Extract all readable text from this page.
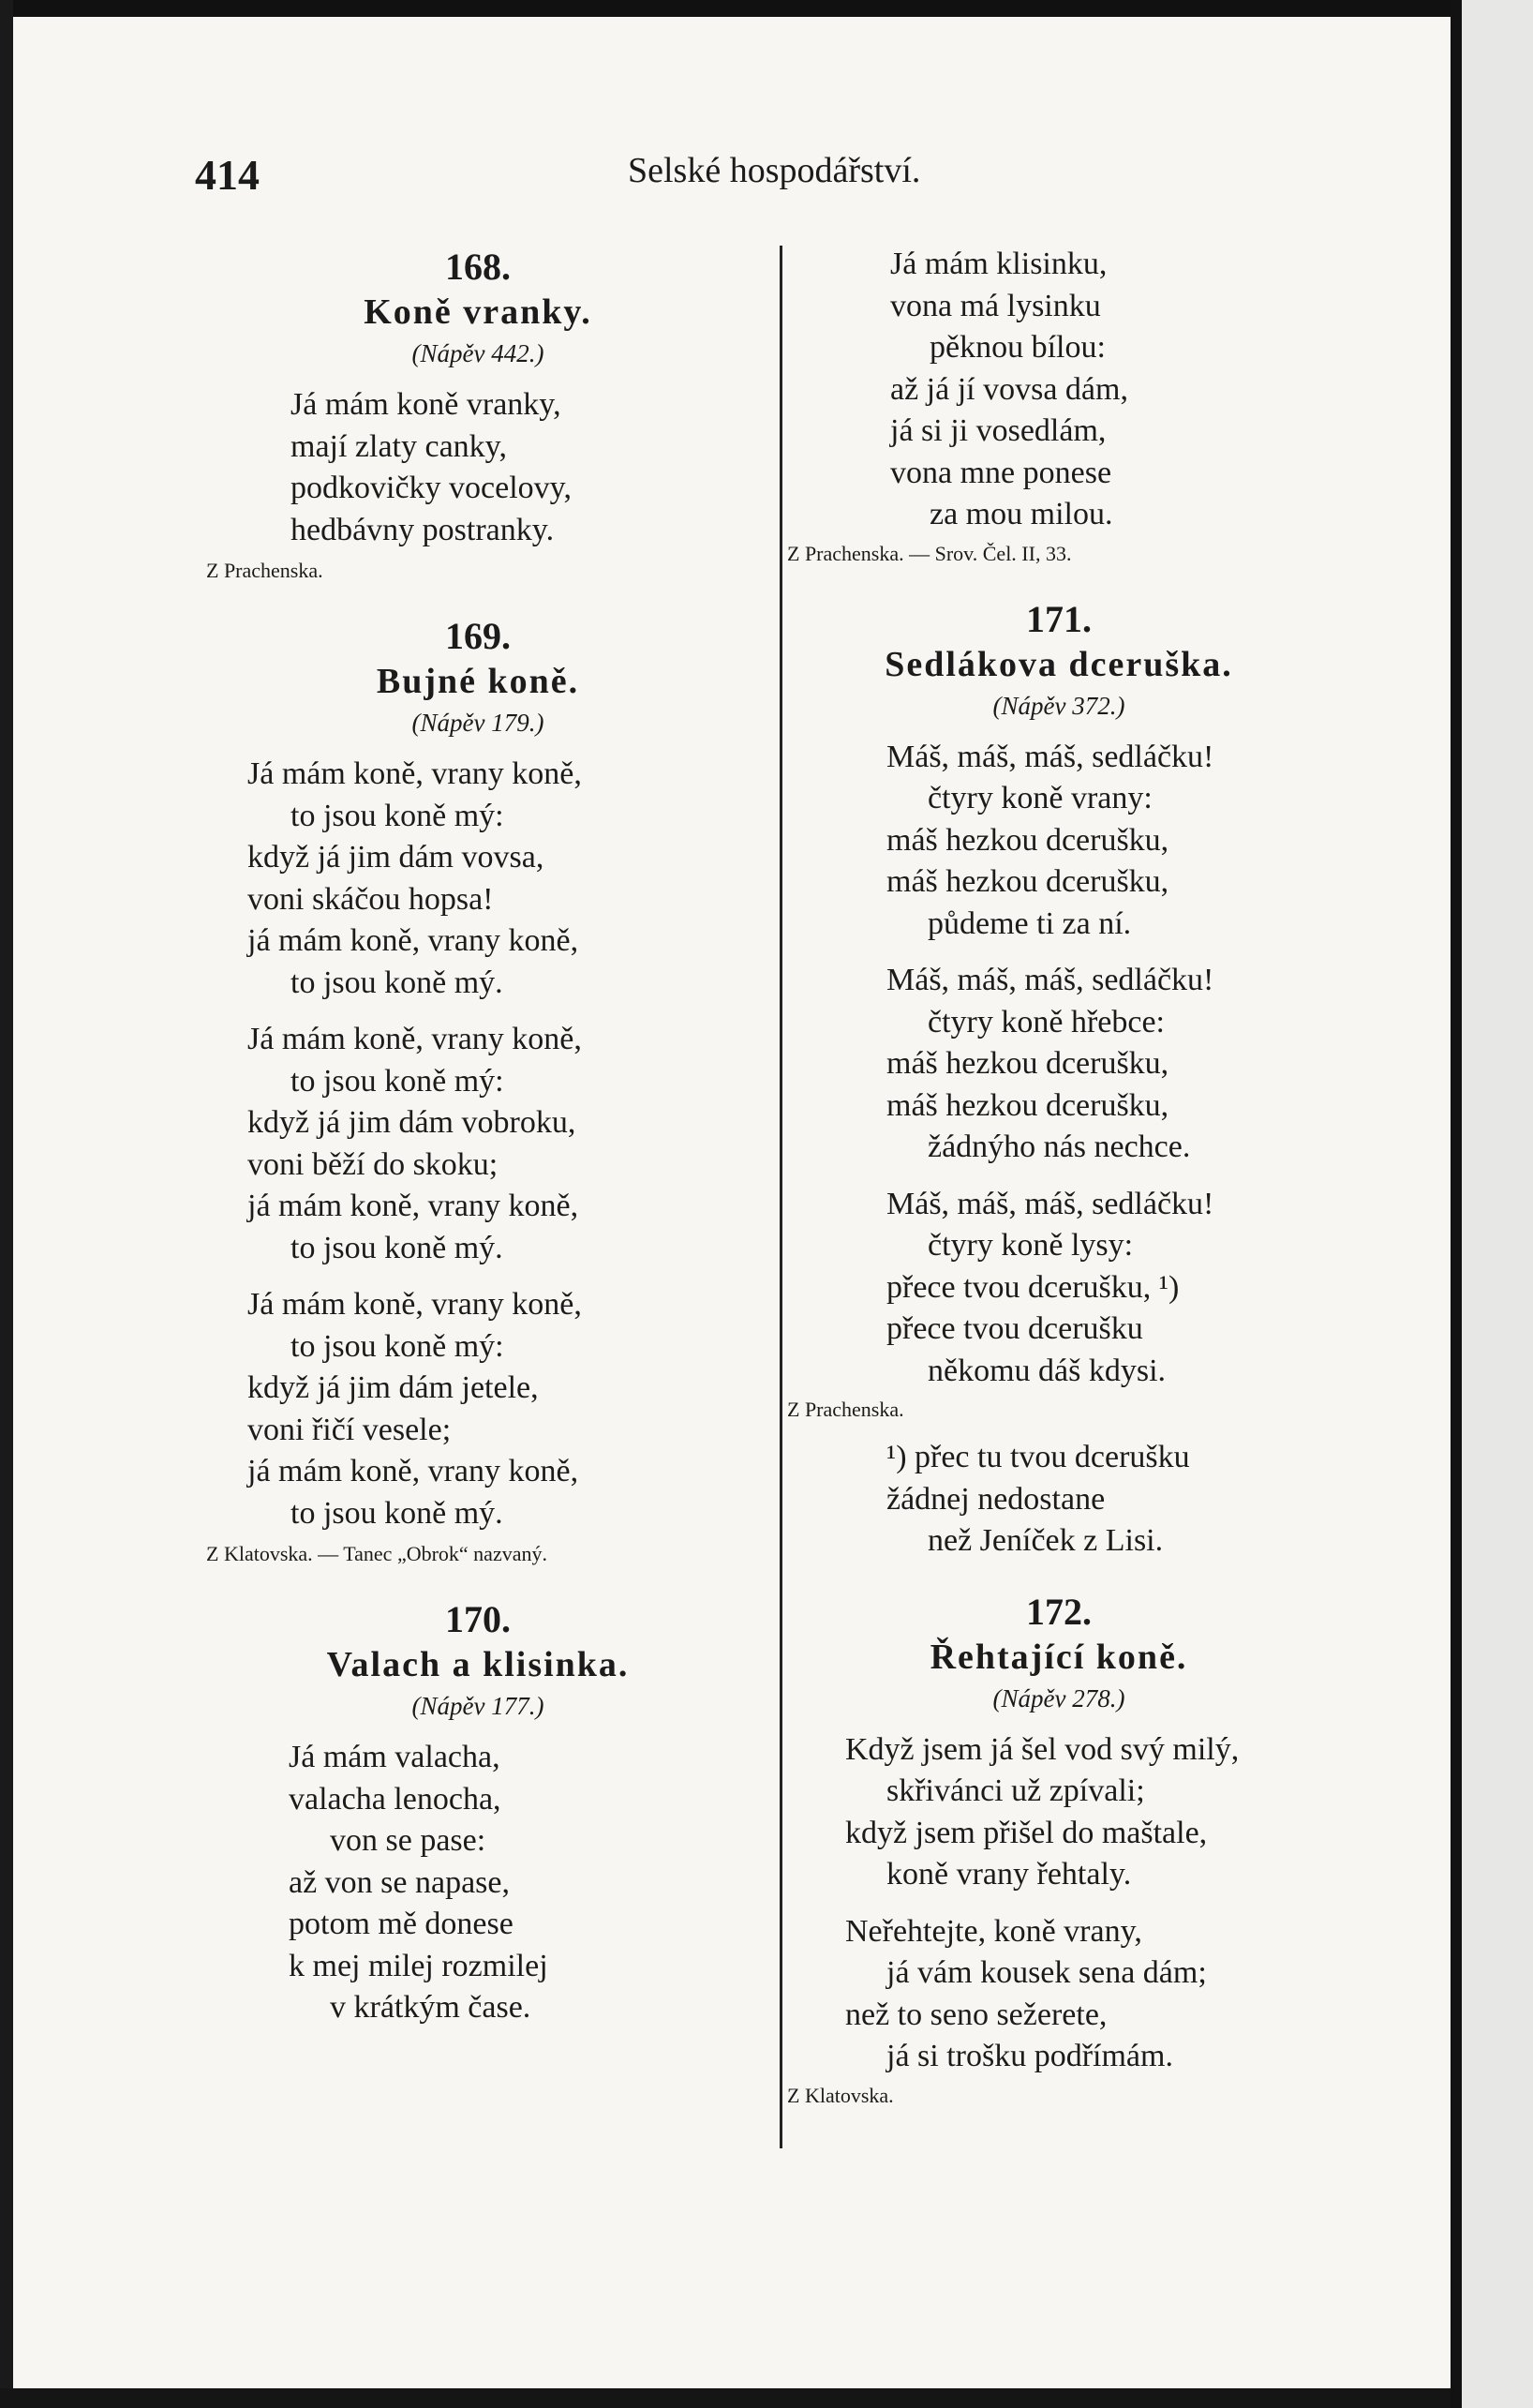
414	Selské hospodářství.
168.
Koně vranky.
(Nápěv 442.)
Já mám koně vranky,
mají zlaty canky,
podkovičky vocelovy,
hedbávny postranky.
Z Prachenska.
169.
Bujné koně.
(Nápěv 179.)
Já mám koně, vrany koně,
to jsou koně mý:
když já jim dám vovsa,
voni skáčou hopsa!
já mám koně, vrany koně,
to jsou koně mý.
Já mám koně, vrany koně,
to jsou koně mý:
když já jim dám vobroku,
voni běží do skoku;
já mám koně, vrany koně,
to jsou koně mý.
Já mám koně, vrany koně,
to jsou koně mý:
když já jim dám jetele,
voni řičí vesele;
já mám koně, vrany koně,
to jsou koně mý.
Z Klatovska. — Tanec „Obrok“ nazvaný.
170.
Valach a klisinka.
(Nápěv 177.)
Já mám valacha,
valacha lenocha,
von se pase:
až von se napase,
potom mě donese
k mej milej rozmilej
v krátkým čase.
Já mám klisinku,
vona má lysinku
pěknou bílou:
až já jí vovsa dám,
já si ji vosedlám,
vona mne ponese
za mou milou.
Z Prachenska. — Srov. Čel. II, 33.
171.
Sedlákova dceruška.
(Nápěv 372.)
Máš, máš, máš, sedláčku!
čtyry koně vrany:
máš hezkou dcerušku,
máš hezkou dcerušku,
půdeme ti za ní.
Máš, máš, máš, sedláčku!
čtyry koně hřebce:
máš hezkou dcerušku,
máš hezkou dcerušku,
žádnýho nás nechce.
Máš, máš, máš, sedláčku!
čtyry koně lysy:
přece tvou dcerušku, ¹)
přece tvou dcerušku
někomu dáš kdysi.
Z Prachenska.
¹) přec tu tvou dcerušku
žádnej nedostane
než Jeníček z Lisi.
172.
Řehtající koně.
(Nápěv 278.)
Když jsem já šel vod svý milý,
skřivánci už zpívali;
když jsem přišel do maštale,
koně vrany řehtaly.
Neřehtejte, koně vrany,
já vám kousek sena dám;
než to seno sežerete,
já si trošku podřímám.
Z Klatovska.
